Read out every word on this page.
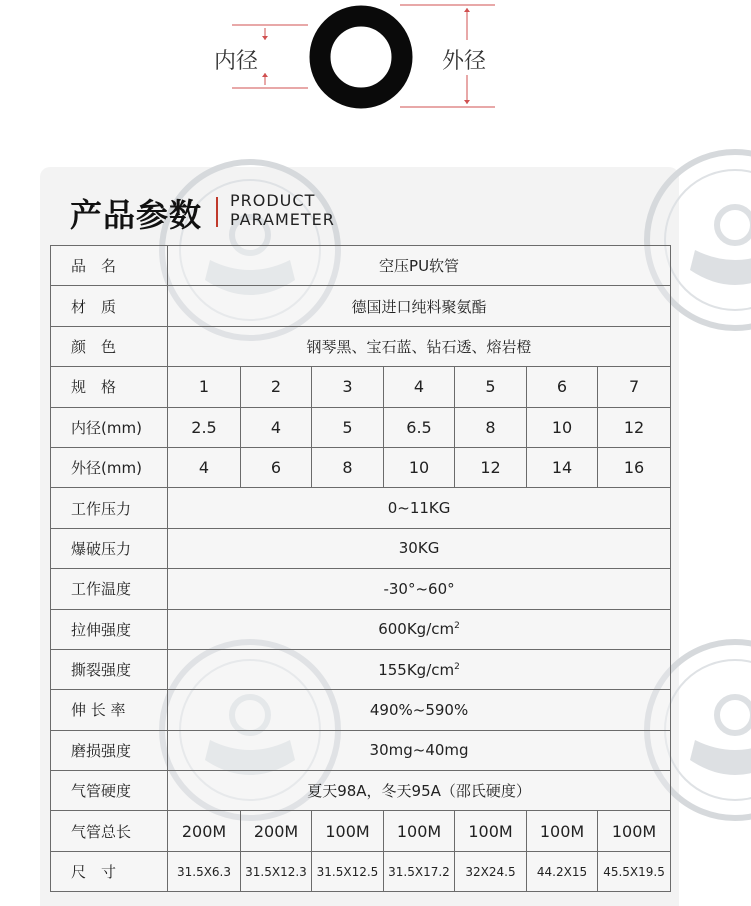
内径	外径
产品参数 PRODUCT
PARAMETER
品　名	空压PU软管						
材　质	德国进口纯料聚氨酯						
颜　色	钢琴黑、宝石蓝、钻石透、熔岩橙						
规　格	1	2	3	4	5	6	7
内径(mm)	2.5	4	5	6.5	8	10	12
外径(mm)	4	6	8	10	12	14	16
工作压力	0~11KG						
爆破压力	30KG						
工作温度	-30°~60°						
拉伸强度	$600Kg/cm^2$
撕裂强度	$155Kg/cm^2$
伸 长 率	490%~590%						
磨损强度	30mg~40mg						
气管硬度	夏天98A，冬天95A（邵氏硬度）						
气管总长	200M	200M	100M	100M	100M	100M	100M
尺　寸	31.5X6.3	31.5X12.3	31.5X12.5	31.5X17.2	32X24.5	44.2X15	45.5X19.5
